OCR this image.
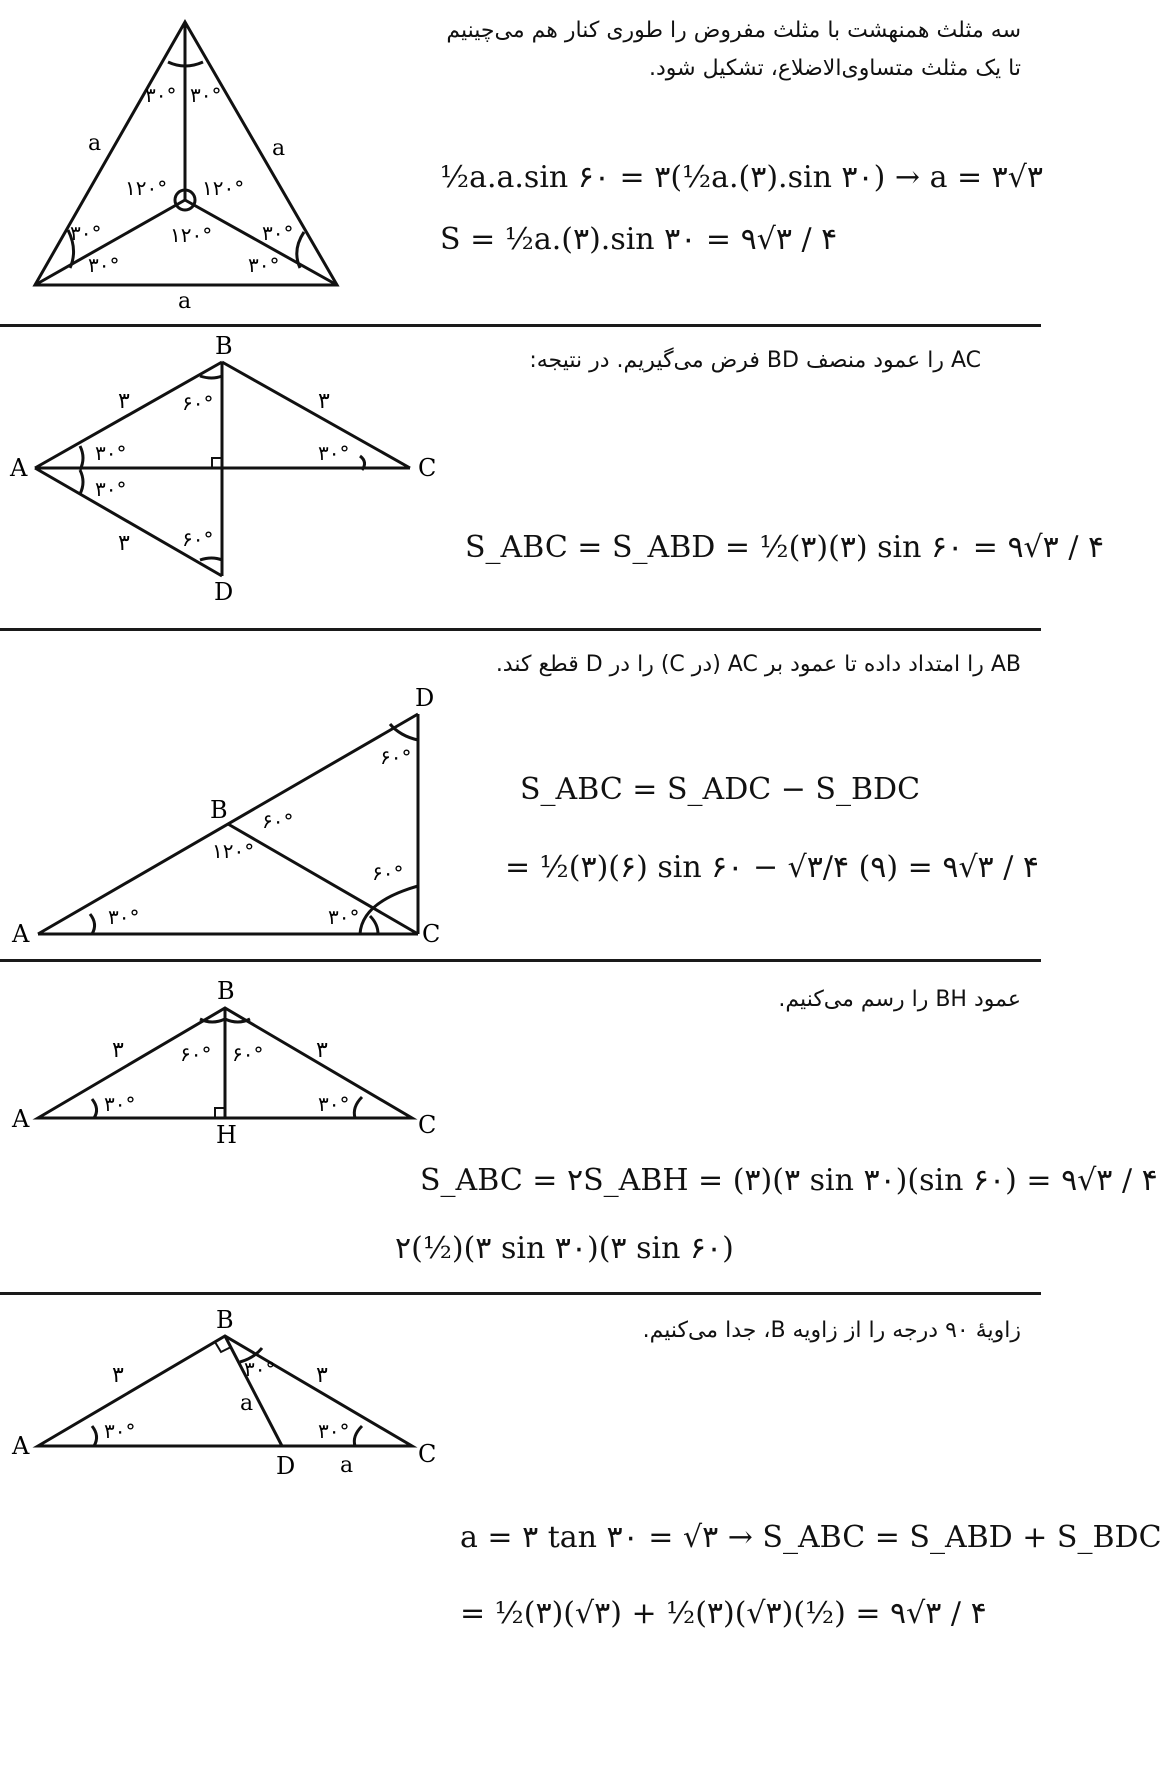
a	a
a
۳۰° ۳۰°
۱۲۰° ۱۲۰°
۱۲۰°
۳۰°
۳۰°
۳۰°
۳۰°
سه مثلث همنهشت با مثلث مفروض را طوری کنار هم می‌چینیم
تا یک مثلث متساوی‌الاضلاع، تشکیل شود.
½a.a.sin ۶۰ = ۳(½a.(۳).sin ۳۰) → a = ۳√۳
S = ½a.(۳).sin ۳۰ = ۹√۳ / ۴
A
B
C
D
۳	۳
۳
۳۰°
۳۰°
۶۰°
۳۰°
۶۰°
AC را عمود منصف BD فرض می‌گیریم. در نتیجه:
S_ABC = S_ABD = ½(۳)(۳) sin ۶۰ = ۹√۳ / ۴
A
B
C
D
۶۰°
۶۰°
۱۲۰°
۶۰°
۳۰°
۳۰°
AB را امتداد داده تا عمود بر AC (در C) را در D قطع کند.
S_ABC = S_ADC − S_BDC
= ½(۳)(۶) sin ۶۰ − √۳/۴ (۹) = ۹√۳ / ۴
A
B
C
H
۳	۳
۳۰°	۳۰°
۶۰° ۶۰°
عمود BH را رسم می‌کنیم.
S_ABC = ۲S_ABH = (۳)(۳ sin ۳۰)(sin ۶۰) = ۹√۳ / ۴
۲(½)(۳ sin ۳۰)(۳ sin ۶۰)
A
B
C
D
۳	۳
a
a
۳۰°
۳۰°
۳۰°
زاویهٔ ۹۰ درجه را از زاویه B، جدا می‌کنیم.
a = ۳ tan ۳۰ = √۳ → S_ABC = S_ABD + S_BDC
= ½(۳)(√۳) + ½(۳)(√۳)(½) = ۹√۳ / ۴
